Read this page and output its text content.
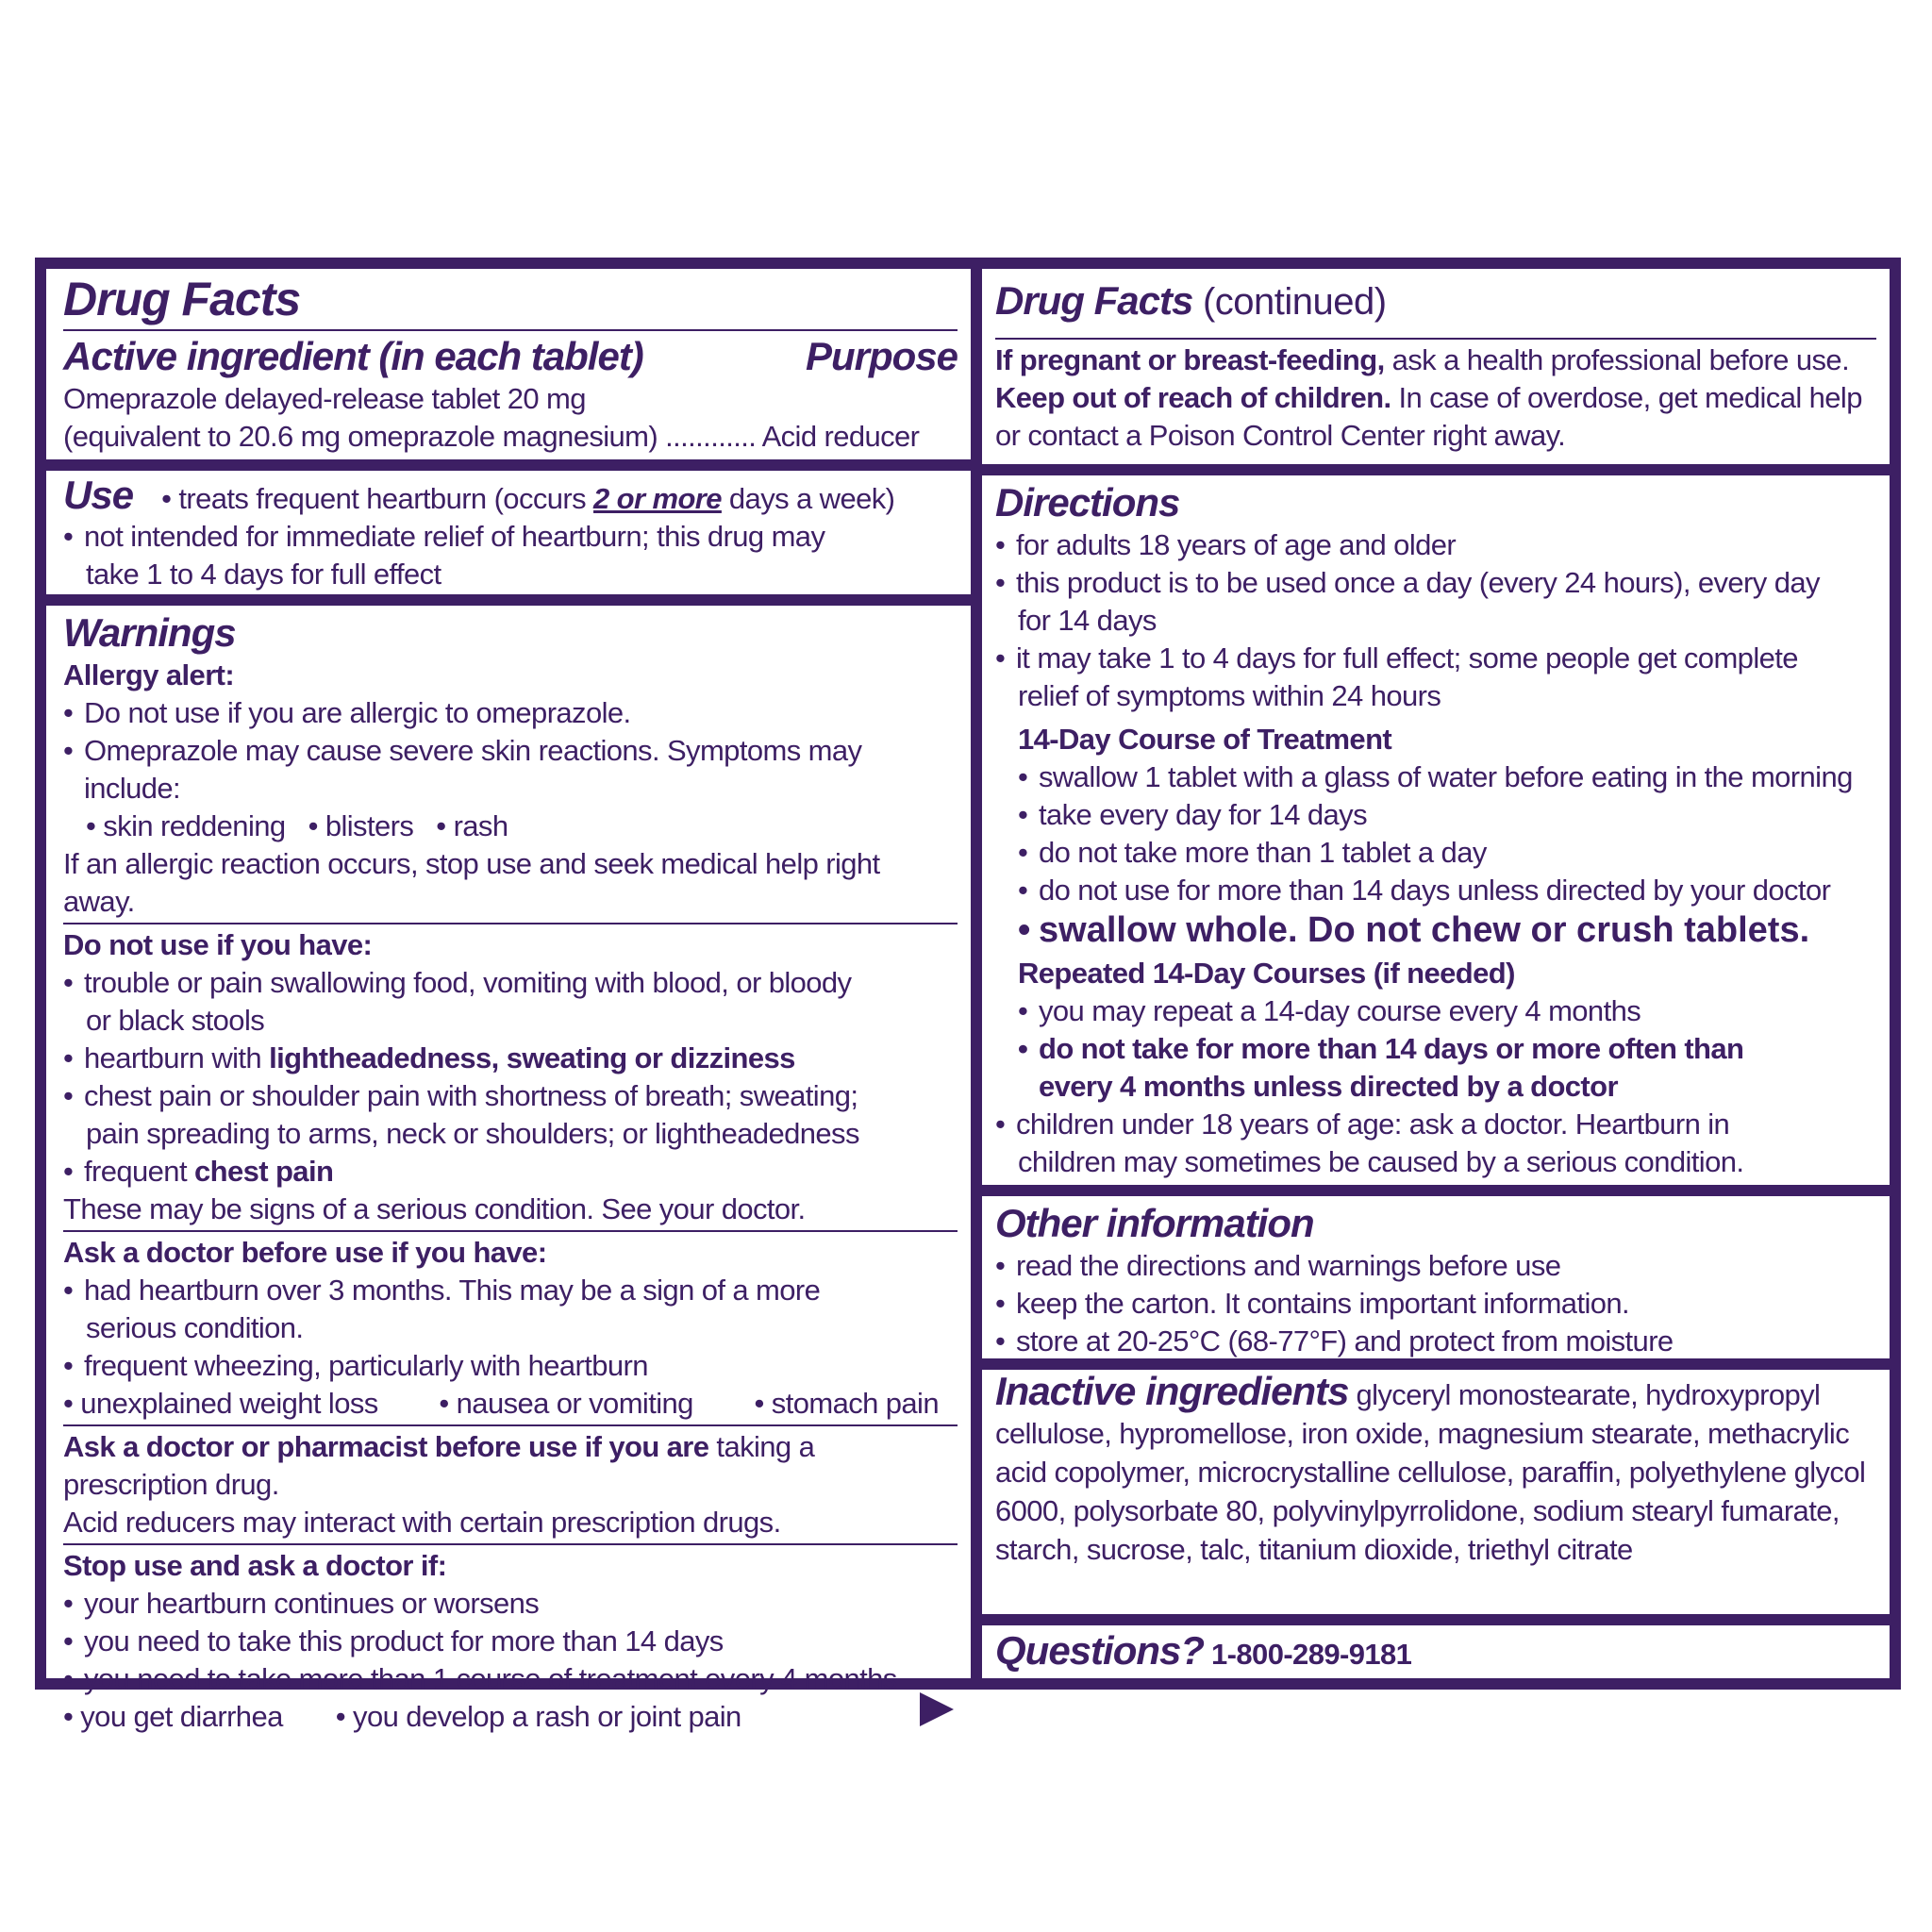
Drug Facts
Active ingredient (in each tablet)	Purpose
Omeprazole delayed-release tablet 20 mg
(equivalent to 20.6 mg omeprazole magnesium) ............ Acid reducer
Use • treats frequent heartburn (occurs 2 or more days a week)
• not intended for immediate relief of heartburn; this drug may
take 1 to 4 days for full effect
Warnings
Allergy alert:
• Do not use if you are allergic to omeprazole.
• Omeprazole may cause severe skin reactions. Symptoms may include:
• skin reddening   • blisters   • rash
If an allergic reaction occurs, stop use and seek medical help right away.
Do not use if you have:
• trouble or pain swallowing food, vomiting with blood, or bloody
or black stools
• heartburn with lightheadedness, sweating or dizziness
• chest pain or shoulder pain with shortness of breath; sweating;
pain spreading to arms, neck or shoulders; or lightheadedness
• frequent chest pain
These may be signs of a serious condition. See your doctor.
Ask a doctor before use if you have:
• had heartburn over 3 months. This may be a sign of a more
serious condition.
• frequent wheezing, particularly with heartburn
• unexplained weight loss • nausea or vomiting • stomach pain
Ask a doctor or pharmacist before use if you are taking a
prescription drug.
Acid reducers may interact with certain prescription drugs.
Stop use and ask a doctor if:
• your heartburn continues or worsens
• you need to take this product for more than 14 days
• you need to take more than 1 course of treatment every 4 months
• you get diarrhea • you develop a rash or joint pain
Drug Facts (continued)
If pregnant or breast-feeding, ask a health professional before use.
Keep out of reach of children. In case of overdose, get medical help
or contact a Poison Control Center right away.
Directions
• for adults 18 years of age and older
• this product is to be used once a day (every 24 hours), every day
for 14 days
• it may take 1 to 4 days for full effect; some people get complete
relief of symptoms within 24 hours
14-Day Course of Treatment
• swallow 1 tablet with a glass of water before eating in the morning
• take every day for 14 days
• do not take more than 1 tablet a day
• do not use for more than 14 days unless directed by your doctor
• swallow whole. Do not chew or crush tablets.
Repeated 14-Day Courses (if needed)
• you may repeat a 14-day course every 4 months
• do not take for more than 14 days or more often than
every 4 months unless directed by a doctor
• children under 18 years of age: ask a doctor. Heartburn in
children may sometimes be caused by a serious condition.
Other information
• read the directions and warnings before use
• keep the carton. It contains important information.
• store at 20-25°C (68-77°F) and protect from moisture
Inactive ingredients glyceryl monostearate, hydroxypropyl cellulose, hypromellose, iron oxide, magnesium stearate, methacrylic acid copolymer, microcrystalline cellulose, paraffin, polyethylene glycol 6000, polysorbate 80, polyvinylpyrrolidone, sodium stearyl fumarate, starch, sucrose, talc, titanium dioxide, triethyl citrate
Questions? 1-800-289-9181
